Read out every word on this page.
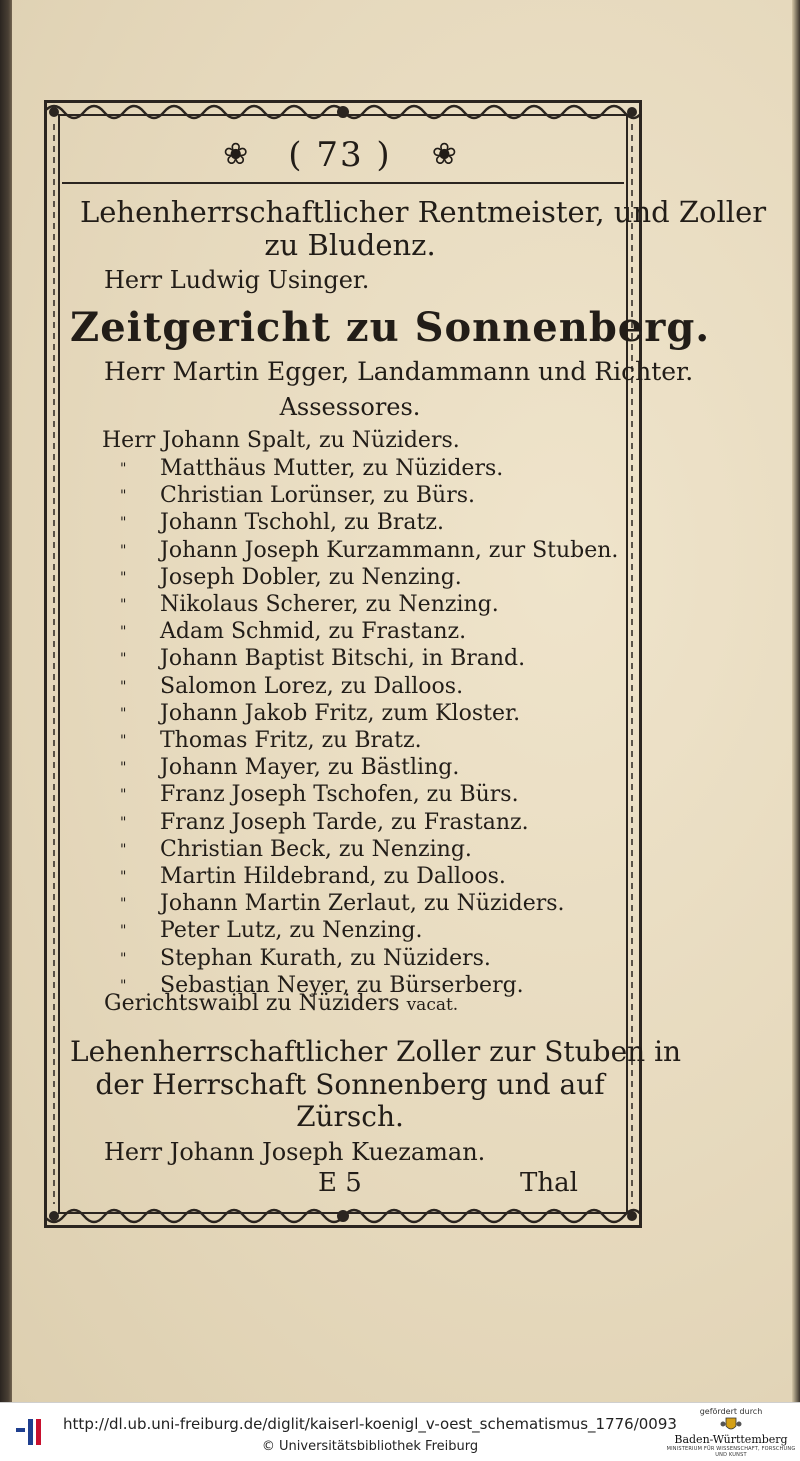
❀ ( 73 ) ❀
Lehenherrschaftlicher Rentmeister, und Zoller
zu Bludenz.
Herr Ludwig Usinger.
Zeitgericht zu Sonnenberg.
Herr Martin Egger, Landammann und Richter.
Assessores.
Herr Johann Spalt, zu Nüziders.
"	Matthäus Mutter, zu Nüziders.
"	Christian Lorünser, zu Bürs.
"	Johann Tschohl, zu Bratz.
"	Johann Joseph Kurzammann, zur Stuben.
"	Joseph Dobler, zu Nenzing.
"	Nikolaus Scherer, zu Nenzing.
"	Adam Schmid, zu Frastanz.
"	Johann Baptist Bitschi, in Brand.
"	Salomon Lorez, zu Dalloos.
"	Johann Jakob Fritz, zum Kloster.
"	Thomas Fritz, zu Bratz.
"	Johann Mayer, zu Bästling.
"	Franz Joseph Tschofen, zu Bürs.
"	Franz Joseph Tarde, zu Frastanz.
"	Christian Beck, zu Nenzing.
"	Martin Hildebrand, zu Dalloos.
"	Johann Martin Zerlaut, zu Nüziders.
"	Peter Lutz, zu Nenzing.
"	Stephan Kurath, zu Nüziders.
"	Sebastian Neyer, zu Bürserberg.
Gerichtswaibl zu Nüziders vacat.
Lehenherrschaftlicher Zoller zur Stuben in
der Herrschaft Sonnenberg und auf
Zürsch.
Herr Johann Joseph Kuezaman.
E 5	Thal
http://dl.ub.uni-freiburg.de/diglit/kaiserl-koenigl_v-oest_schematismus_1776/0093
© Universitätsbibliothek Freiburg
gefördert durch
Baden-Württemberg
MINISTERIUM FÜR WISSENSCHAFT, FORSCHUNG UND KUNST
